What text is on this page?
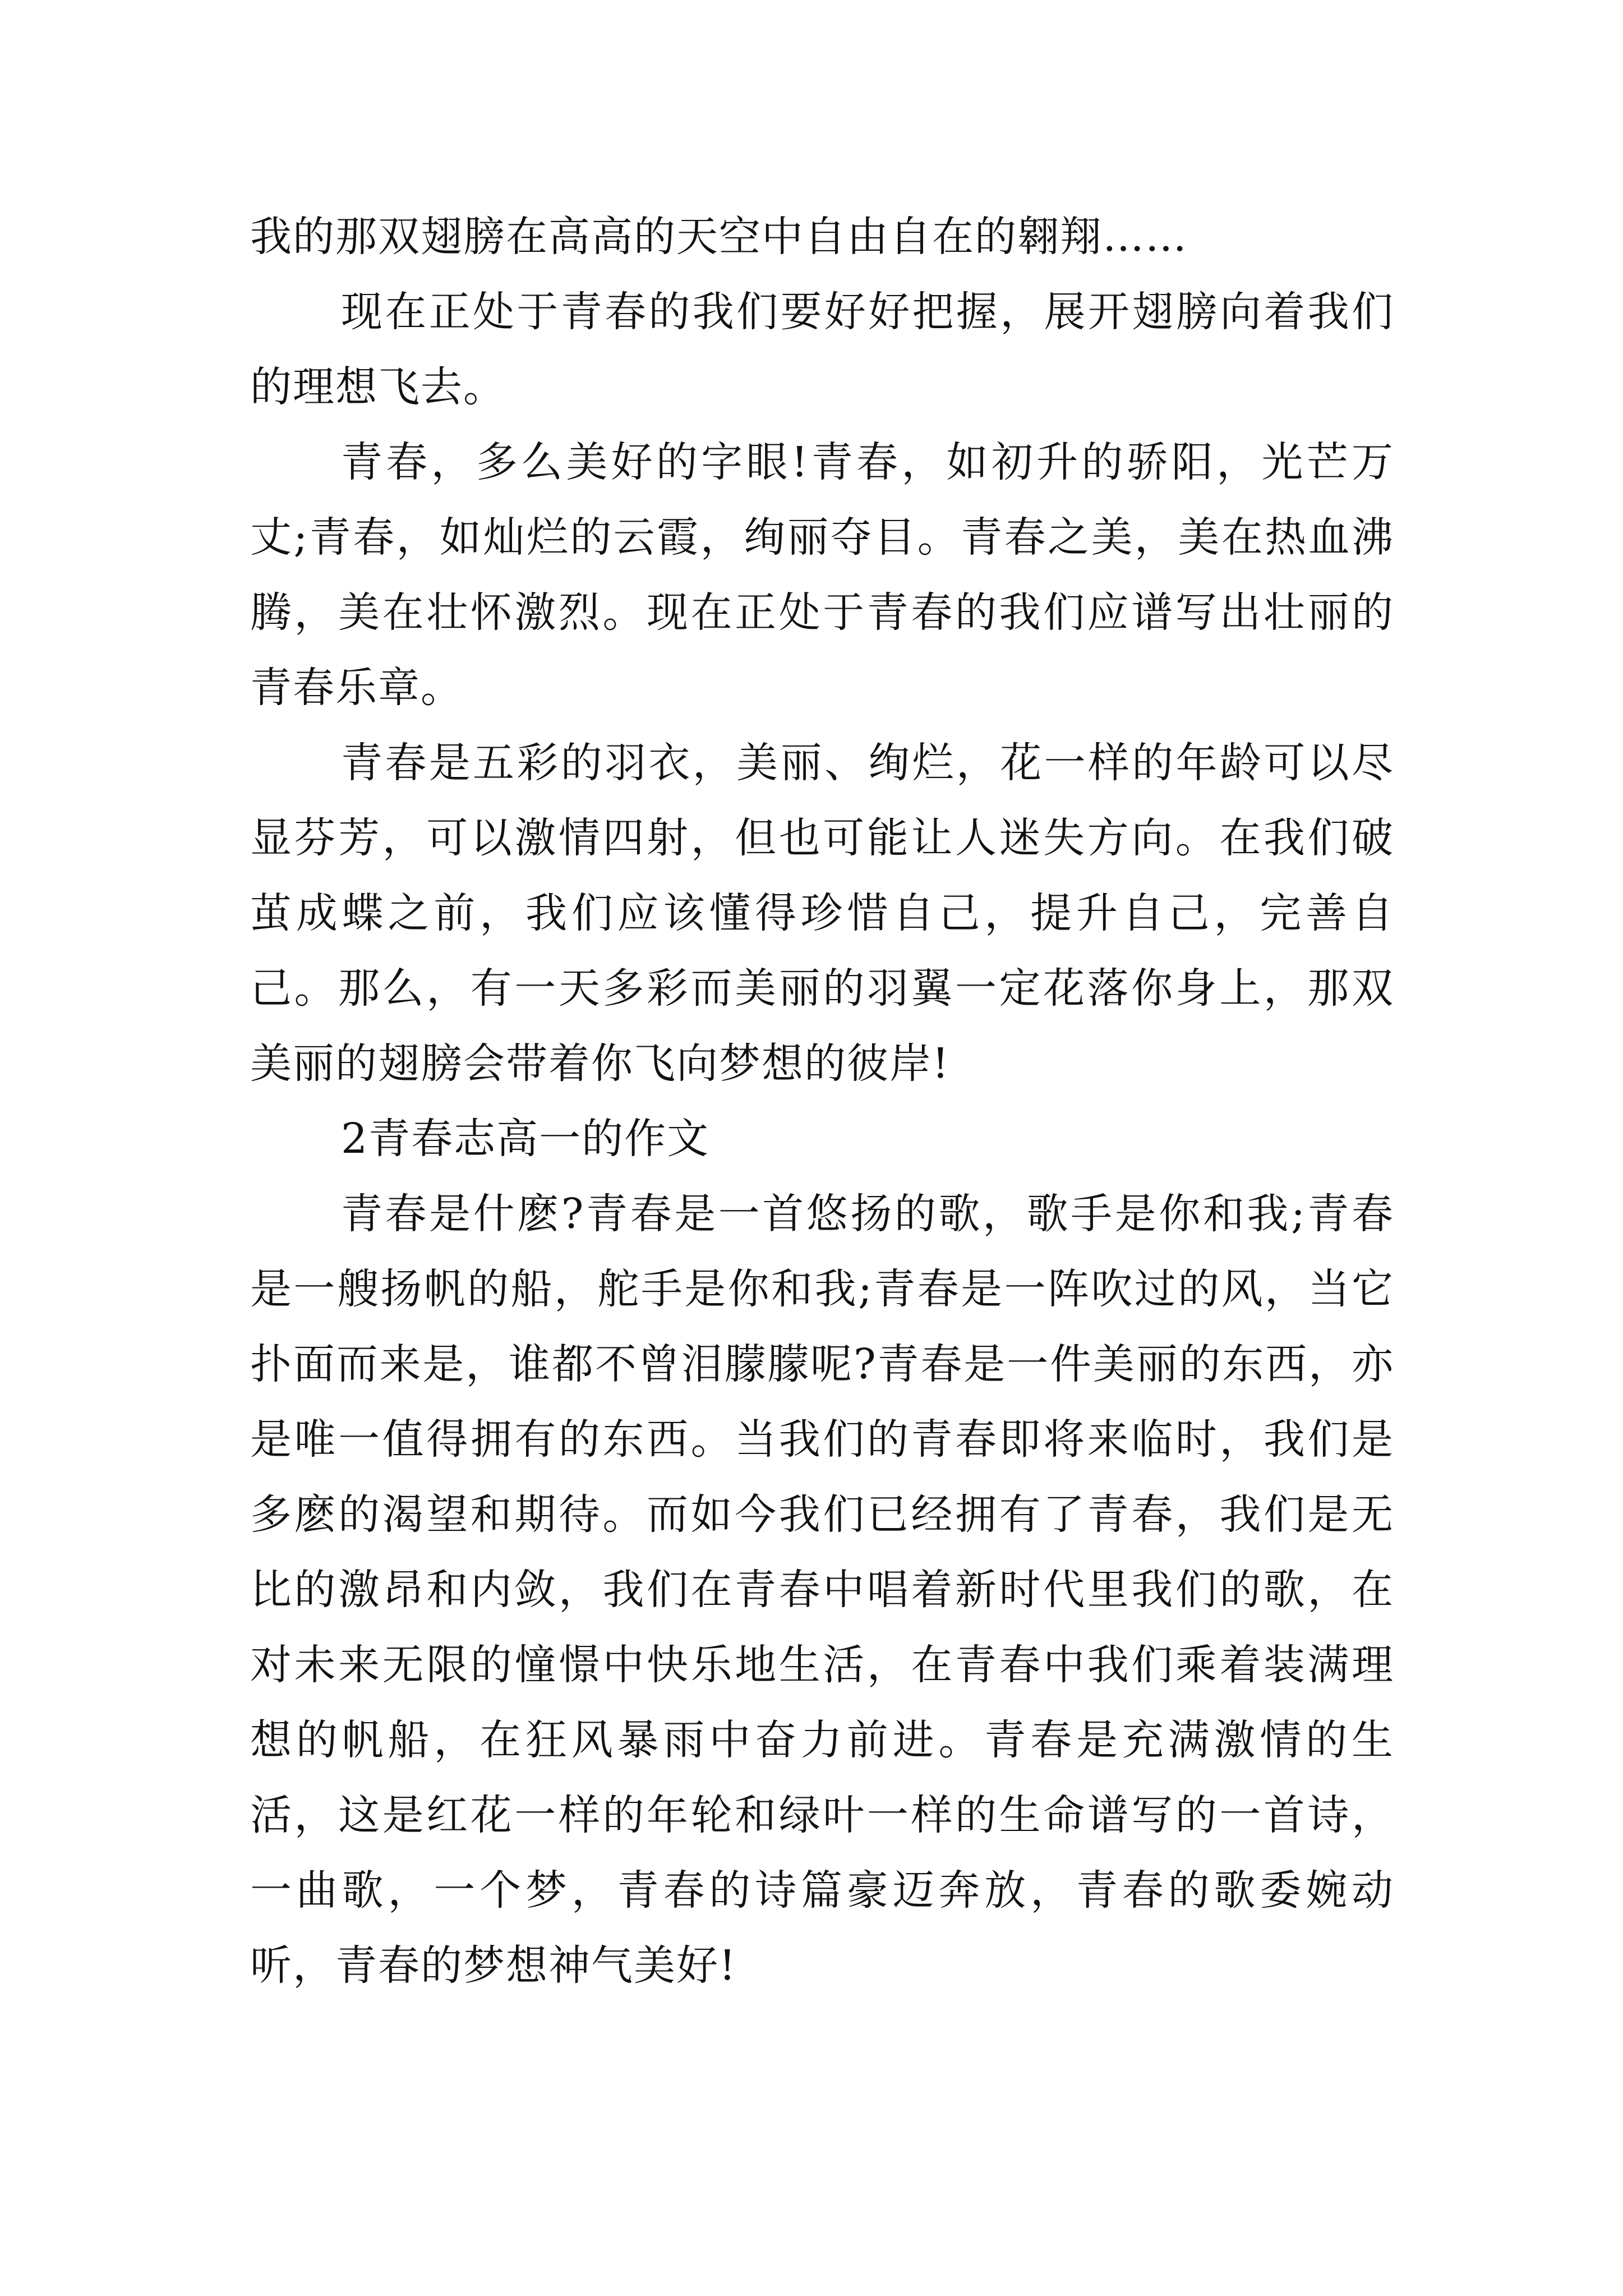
我的那双翅膀在高高的天空中自由自在的翱翔……

现在正处于青春的我们要好好把握，展开翅膀向着我们的理想飞去。

青春，多么美好的字眼!青春，如初升的骄阳，光芒万丈;青春，如灿烂的云霞，绚丽夺目。青春之美，美在热血沸腾，美在壮怀激烈。现在正处于青春的我们应谱写出壮丽的青春乐章。

青春是五彩的羽衣，美丽、绚烂，花一样的年龄可以尽显芬芳，可以激情四射，但也可能让人迷失方向。在我们破茧成蝶之前，我们应该懂得珍惜自己，提升自己，完善自己。那么，有一天多彩而美丽的羽翼一定花落你身上，那双美丽的翅膀会带着你飞向梦想的彼岸!

2青春志高一的作文

青春是什麽?青春是一首悠扬的歌，歌手是你和我;青春是一艘扬帆的船，舵手是你和我;青春是一阵吹过的风，当它扑面而来是，谁都不曾泪朦朦呢?青春是一件美丽的东西，亦是唯一值得拥有的东西。当我们的青春即将来临时，我们是多麽的渴望和期待。而如今我们已经拥有了青春，我们是无比的激昂和内敛，我们在青春中唱着新时代里我们的歌，在对未来无限的憧憬中快乐地生活，在青春中我们乘着装满理想的帆船，在狂风暴雨中奋力前进。青春是充满激情的生活，这是红花一样的年轮和绿叶一样的生命谱写的一首诗，一曲歌，一个梦，青春的诗篇豪迈奔放，青春的歌委婉动听，青春的梦想神气美好!
